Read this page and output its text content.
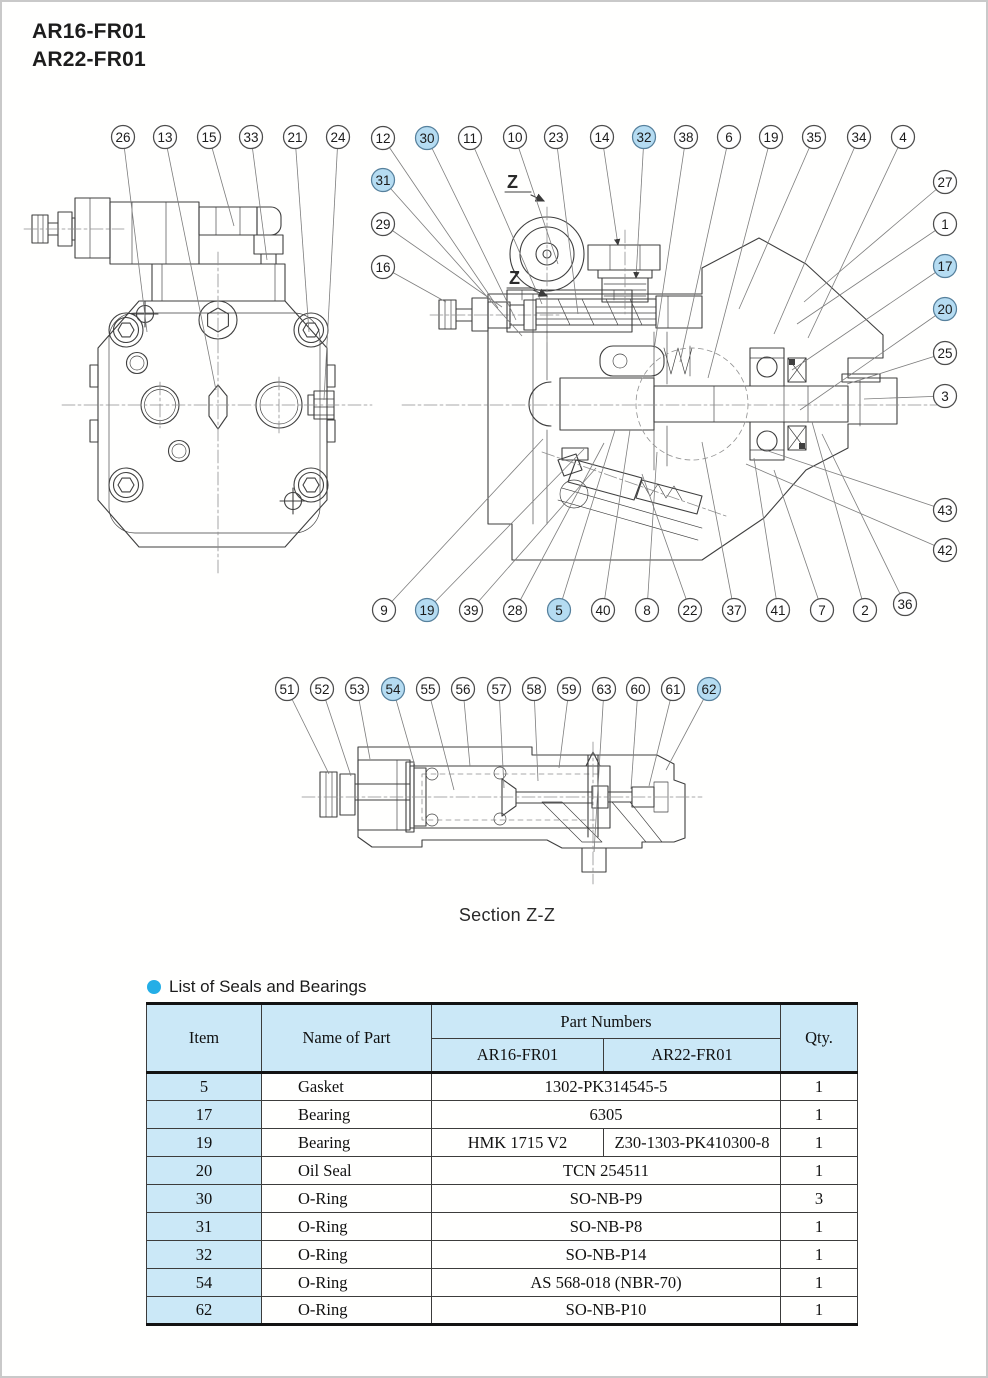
AR16-FR01
AR22-FR01
Z
Z
26 13 15 33 21 24 12 30 11 10 23 14 32 38 6 19 35 34 4
31
29
16
27
1
17
20
25
3
43
42
9 19 39 28 5 40 8 22 37 41 7	2 36
51 52 53 54 55 56 57 58 59 63 60 61 62
Section Z-Z
List of Seals and Bearings
Item	Name of Part	Part Numbers		Qty.
		AR16-FR01	AR22-FR01	
5	Gasket	1302-PK314545-5		1
17	Bearing	6305		1
19	Bearing	HMK 1715 V2	Z30-1303-PK410300-8	1
20	Oil Seal	TCN 254511		1
30	O-Ring	SO-NB-P9		3
31	O-Ring	SO-NB-P8		1
32	O-Ring	SO-NB-P14		1
54	O-Ring	AS 568-018 (NBR-70)		1
62	O-Ring	SO-NB-P10		1
